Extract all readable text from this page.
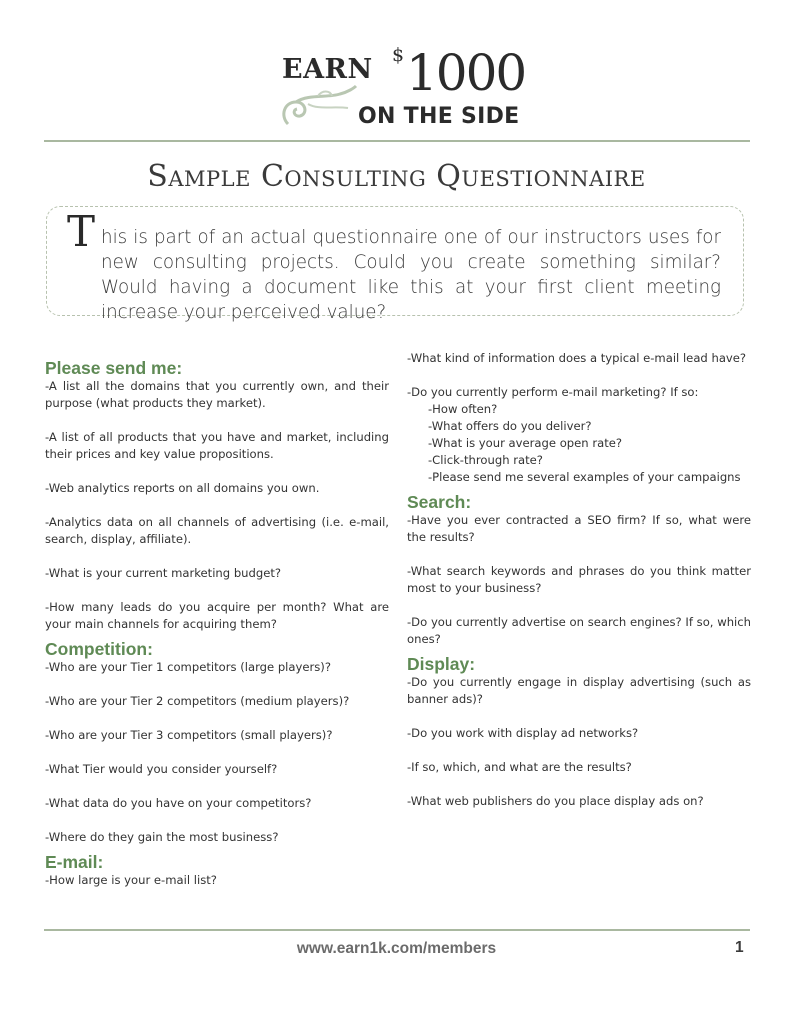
EARN $ 1000
ON THE SIDE
Sample Consulting Questionnaire
T his is part of an actual questionnaire one of our instructors uses for new consulting projects. Could you create something similar? Would having a document like this at your first client meeting increase your perceived value?

Please send me:

-A list all the domains that you currently own, and their purpose (what products they market).

-A list of all products that you have and market, including their prices and key value propositions.

-Web analytics reports on all domains you own.

-Analytics data on all channels of advertising (i.e. e-mail, search, display, affiliate).

-What is your current marketing budget?

-How many leads do you acquire per month? What are your main channels for acquiring them?

Competition:

-Who are your Tier 1 competitors (large players)?

-Who are your Tier 2 competitors (medium players)?

-Who are your Tier 3 competitors (small players)?

-What Tier would you consider yourself?

-What data do you have on your competitors?

-Where do they gain the most business?

E-mail:

-How large is your e-mail list?

-What kind of information does a typical e-mail lead have?

-Do you currently perform e-mail marketing? If so:

-How often?

-What offers do you deliver?

-What is your average open rate?

-Click-through rate?

-Please send me several examples of your campaigns

Search:

-Have you ever contracted a SEO firm? If so, what were the results?

-What search keywords and phrases do you think matter most to your business?

-Do you currently advertise on search engines? If so, which ones?

Display:

-Do you currently engage in display advertising (such as banner ads)?

-Do you work with display ad networks?

-If so, which, and what are the results?

-What web publishers do you place display ads on?

www.earn1k.com/members	1
